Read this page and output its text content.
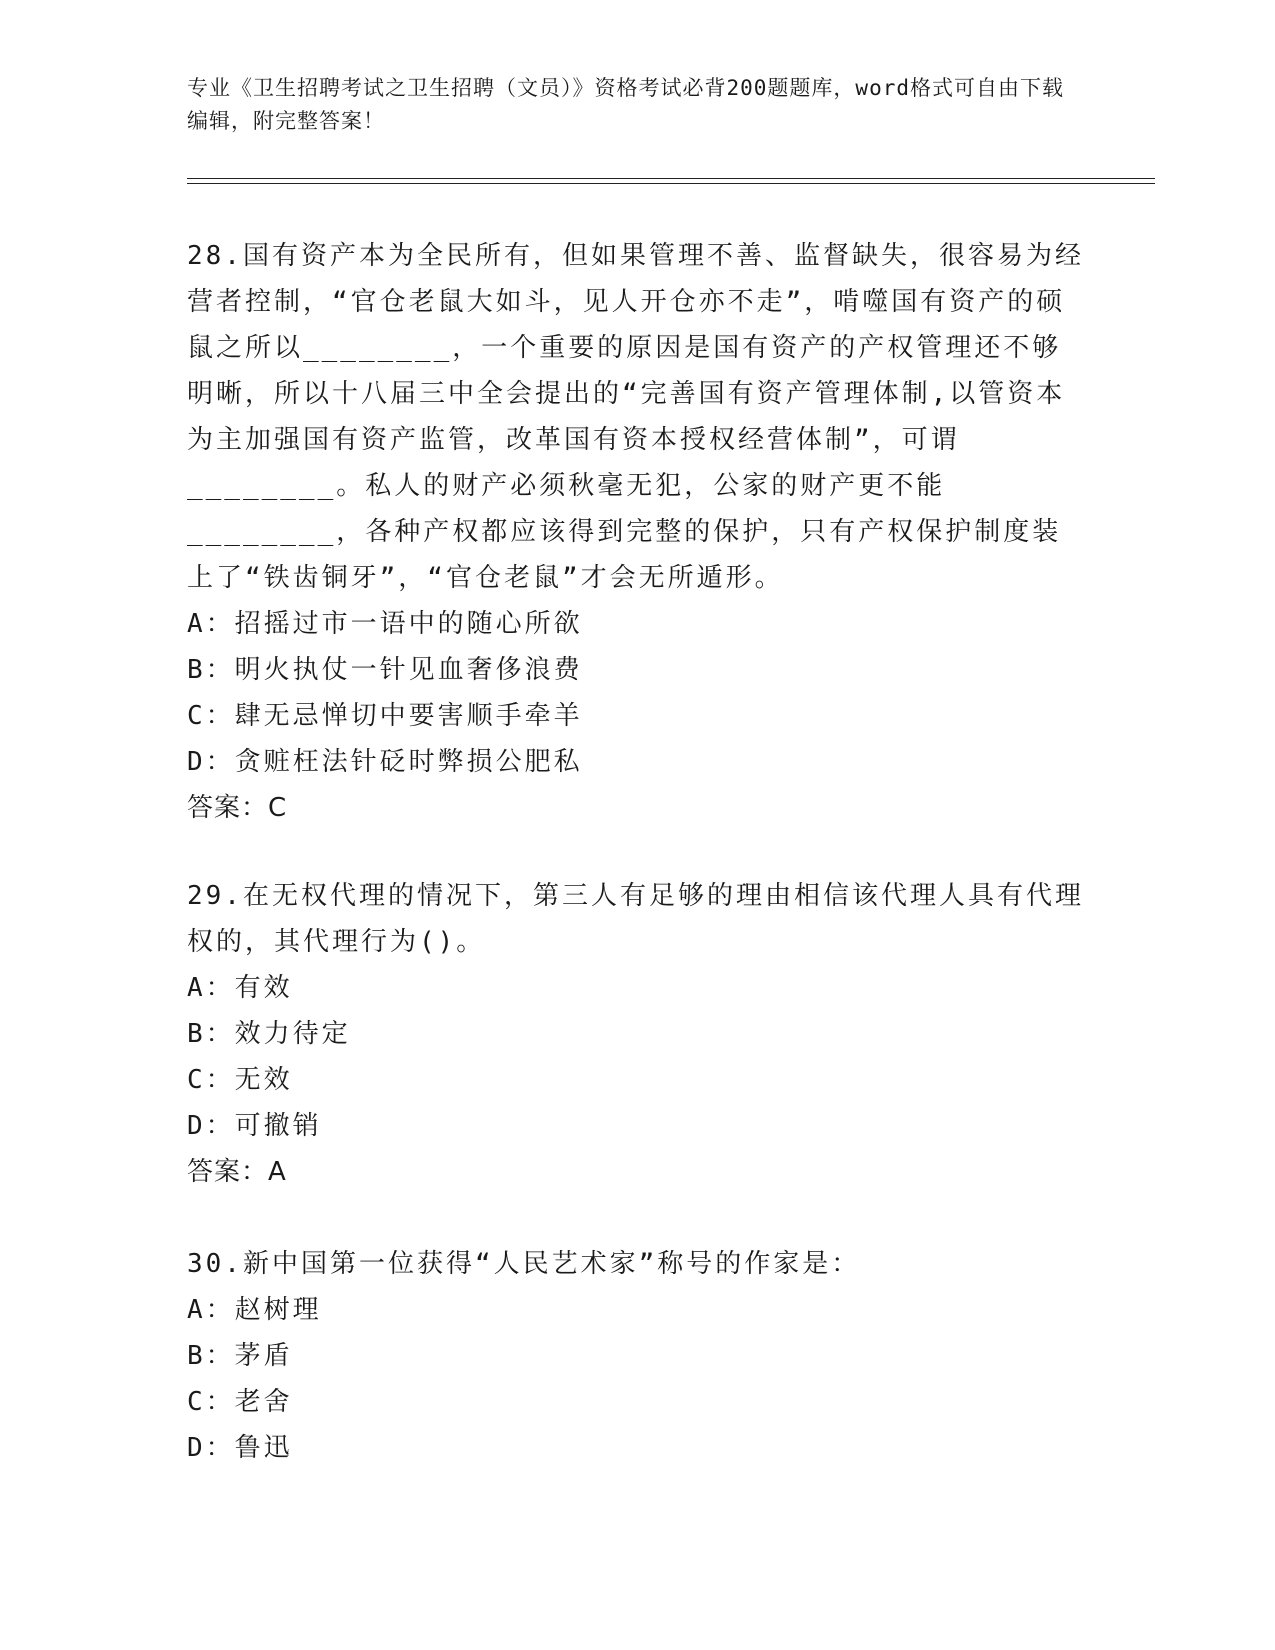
专业《卫生招聘考试之卫生招聘（文员）》资格考试必背200题题库，word格式可自由下载编辑，附完整答案！

28.国有资产本为全民所有，但如果管理不善、监督缺失，很容易为经营者控制，“官仓老鼠大如斗，见人开仓亦不走”，啃噬国有资产的硕鼠之所以________，一个重要的原因是国有资产的产权管理还不够明晰，所以十八届三中全会提出的“完善国有资产管理体制,以管资本为主加强国有资产监管，改革国有资本授权经营体制”，可谓________。私人的财产必须秋毫无犯，公家的财产更不能________，各种产权都应该得到完整的保护，只有产权保护制度装上了“铁齿铜牙”，“官仓老鼠”才会无所遁形。

A：招摇过市一语中的随心所欲

B：明火执仗一针见血奢侈浪费

C：肆无忌惮切中要害顺手牵羊

D：贪赃枉法针砭时弊损公肥私

答案：C

29.在无权代理的情况下，第三人有足够的理由相信该代理人具有代理权的，其代理行为()。

A：有效

B：效力待定

C：无效

D：可撤销

答案：A

30.新中国第一位获得“人民艺术家”称号的作家是：

A：赵树理

B：茅盾

C：老舍

D：鲁迅
